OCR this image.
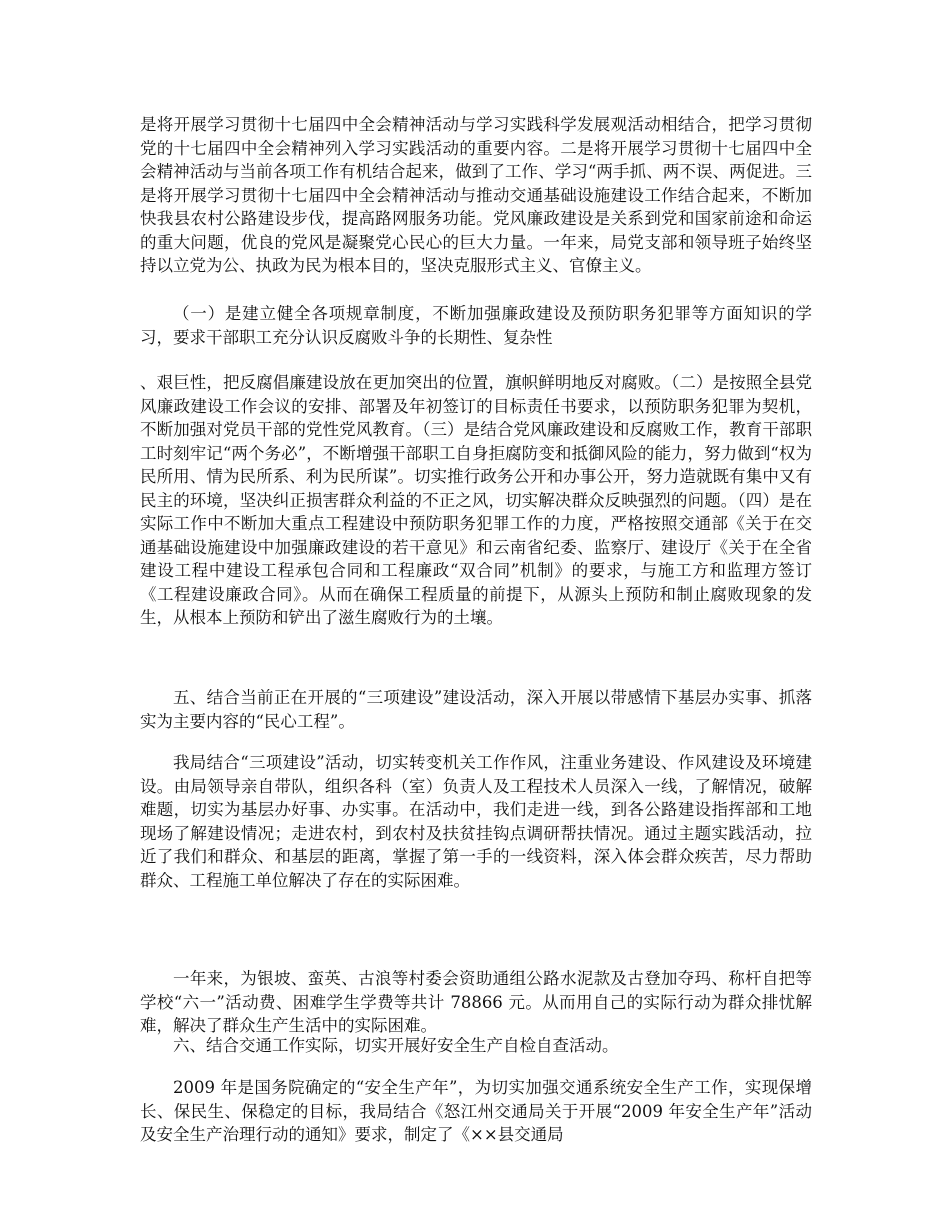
是将开展学习贯彻十七届四中全会精神活动与学习实践科学发展观活动相结合，把学习贯彻党的十七届四中全会精神列入学习实践活动的重要内容。二是将开展学习贯彻十七届四中全会精神活动与当前各项工作有机结合起来，做到了工作、学习“两手抓、两不误、两促进。三是将开展学习贯彻十七届四中全会精神活动与推动交通基础设施建设工作结合起来，不断加快我县农村公路建设步伐，提高路网服务功能。党风廉政建设是关系到党和国家前途和命运的重大问题，优良的党风是凝聚党心民心的巨大力量。一年来，局党支部和领导班子始终坚持以立党为公、执政为民为根本目的，坚决克服形式主义、官僚主义。

（一）是建立健全各项规章制度，不断加强廉政建设及预防职务犯罪等方面知识的学习，要求干部职工充分认识反腐败斗争的长期性、复杂性

、艰巨性，把反腐倡廉建设放在更加突出的位置，旗帜鲜明地反对腐败。（二）是按照全县党风廉政建设工作会议的安排、部署及年初签订的目标责任书要求，以预防职务犯罪为契机，不断加强对党员干部的党性党风教育。（三）是结合党风廉政建设和反腐败工作，教育干部职工时刻牢记“两个务必”，不断增强干部职工自身拒腐防变和抵御风险的能力，努力做到“权为民所用、情为民所系、利为民所谋”。切实推行政务公开和办事公开，努力造就既有集中又有民主的环境，坚决纠正损害群众利益的不正之风，切实解决群众反映强烈的问题。（四）是在实际工作中不断加大重点工程建设中预防职务犯罪工作的力度，严格按照交通部《关于在交通基础设施建设中加强廉政建设的若干意见》和云南省纪委、监察厅、建设厅《关于在全省建设工程中建设工程承包合同和工程廉政“双合同”机制》的要求，与施工方和监理方签订《工程建设廉政合同》。从而在确保工程质量的前提下，从源头上预防和制止腐败现象的发生，从根本上预防和铲出了滋生腐败行为的土壤。

五、结合当前正在开展的“三项建设”建设活动，深入开展以带感情下基层办实事、抓落实为主要内容的“民心工程”。

我局结合“三项建设”活动，切实转变机关工作作风，注重业务建设、作风建设及环境建设。由局领导亲自带队，组织各科（室）负责人及工程技术人员深入一线，了解情况，破解难题，切实为基层办好事、办实事。在活动中，我们走进一线，到各公路建设指挥部和工地现场了解建设情况；走进农村，到农村及扶贫挂钩点调研帮扶情况。通过主题实践活动，拉近了我们和群众、和基层的距离，掌握了第一手的一线资料，深入体会群众疾苦，尽力帮助群众、工程施工单位解决了存在的实际困难。

一年来，为银坡、蛮英、古浪等村委会资助通组公路水泥款及古登加夺玛、称杆自把等学校“六一”活动费、困难学生学费等共计 78866 元。从而用自己的实际行动为群众排忧解难，解决了群众生产生活中的实际困难。

六、结合交通工作实际，切实开展好安全生产自检自查活动。

2009 年是国务院确定的“安全生产年”，为切实加强交通系统安全生产工作，实现保增长、保民生、保稳定的目标，我局结合《怒江州交通局关于开展“2009 年安全生产年”活动及安全生产治理行动的通知》要求，制定了《××县交通局
